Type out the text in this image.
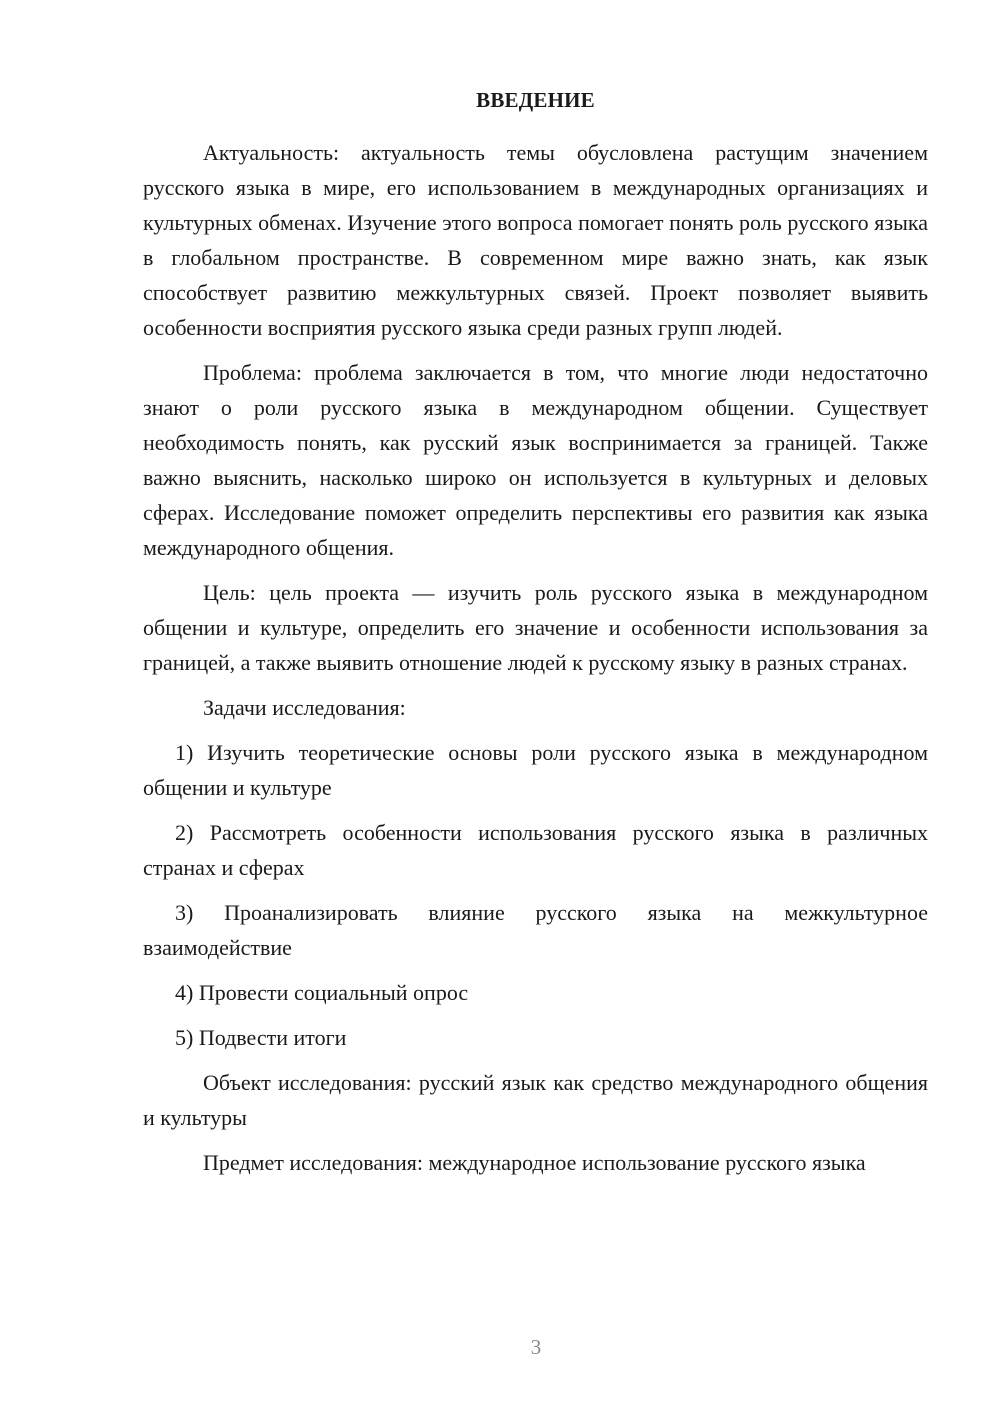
ВВЕДЕНИЕ

Актуальность: актуальность темы обусловлена растущим значением русского языка в мире, его использованием в международных организациях и культурных обменах. Изучение этого вопроса помогает понять роль русского языка в глобальном пространстве. В современном мире важно знать, как язык способствует развитию межкультурных связей. Проект позволяет выявить особенности восприятия русского языка среди разных групп людей.

Проблема: проблема заключается в том, что многие люди недостаточно знают о роли русского языка в международном общении. Существует необходимость понять, как русский язык воспринимается за границей. Также важно выяснить, насколько широко он используется в культурных и деловых сферах. Исследование поможет определить перспективы его развития как языка международного общения.

Цель: цель проекта — изучить роль русского языка в международном общении и культуре, определить его значение и особенности использования за границей, а также выявить отношение людей к русскому языку в разных странах.

Задачи исследования:

1) Изучить теоретические основы роли русского языка в международном общении и культуре

2) Рассмотреть особенности использования русского языка в различных странах и сферах

3) Проанализировать влияние русского языка на межкультурное взаимодействие

4) Провести социальный опрос

5) Подвести итоги

Объект исследования: русский язык как средство международного общения и культуры

Предмет исследования: международное использование русского языка

3
